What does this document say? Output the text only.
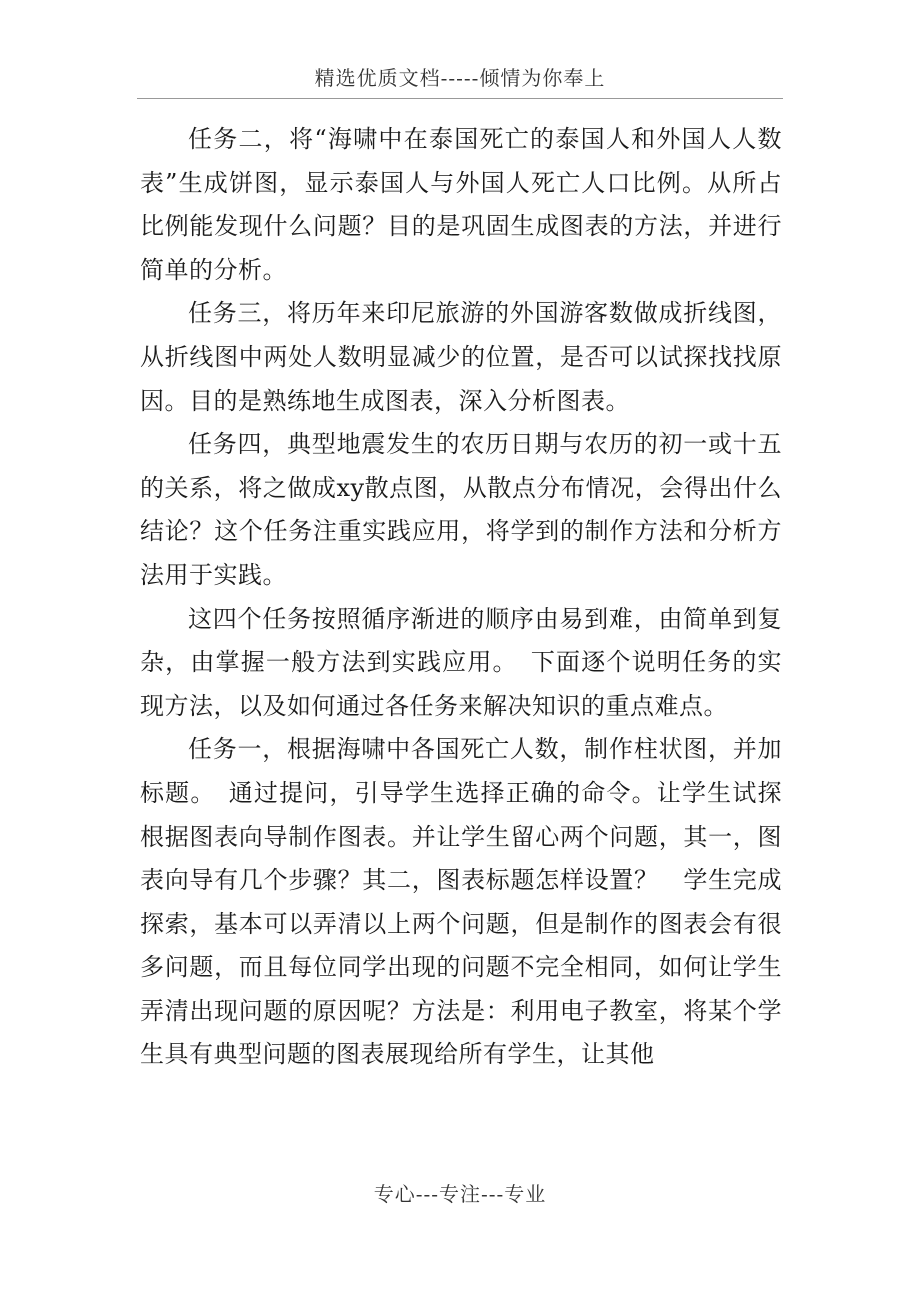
精选优质文档-----倾情为你奉上

任务二，将“海啸中在泰国死亡的泰国人和外国人人数表”生成饼图，显示泰国人与外国人死亡人口比例。从所占比例能发现什么问题？目的是巩固生成图表的方法，并进行简单的分析。

任务三，将历年来印尼旅游的外国游客数做成折线图，从折线图中两处人数明显减少的位置，是否可以试探找找原因。目的是熟练地生成图表，深入分析图表。

任务四，典型地震发生的农历日期与农历的初一或十五的关系，将之做成xy散点图，从散点分布情况，会得出什么结论？这个任务注重实践应用，将学到的制作方法和分析方法用于实践。

这四个任务按照循序渐进的顺序由易到难，由简单到复杂，由掌握一般方法到实践应用。　下面逐个说明任务的实现方法，以及如何通过各任务来解决知识的重点难点。

任务一，根据海啸中各国死亡人数，制作柱状图，并加标题。　通过提问，引导学生选择正确的命令。让学生试探根据图表向导制作图表。并让学生留心两个问题，其一，图表向导有几个步骤？其二，图表标题怎样设置？　学生完成探索，基本可以弄清以上两个问题，但是制作的图表会有很多问题，而且每位同学出现的问题不完全相同，如何让学生弄清出现问题的原因呢？方法是：利用电子教室，将某个学生具有典型问题的图表展现给所有学生，让其他

专心---专注---专业
